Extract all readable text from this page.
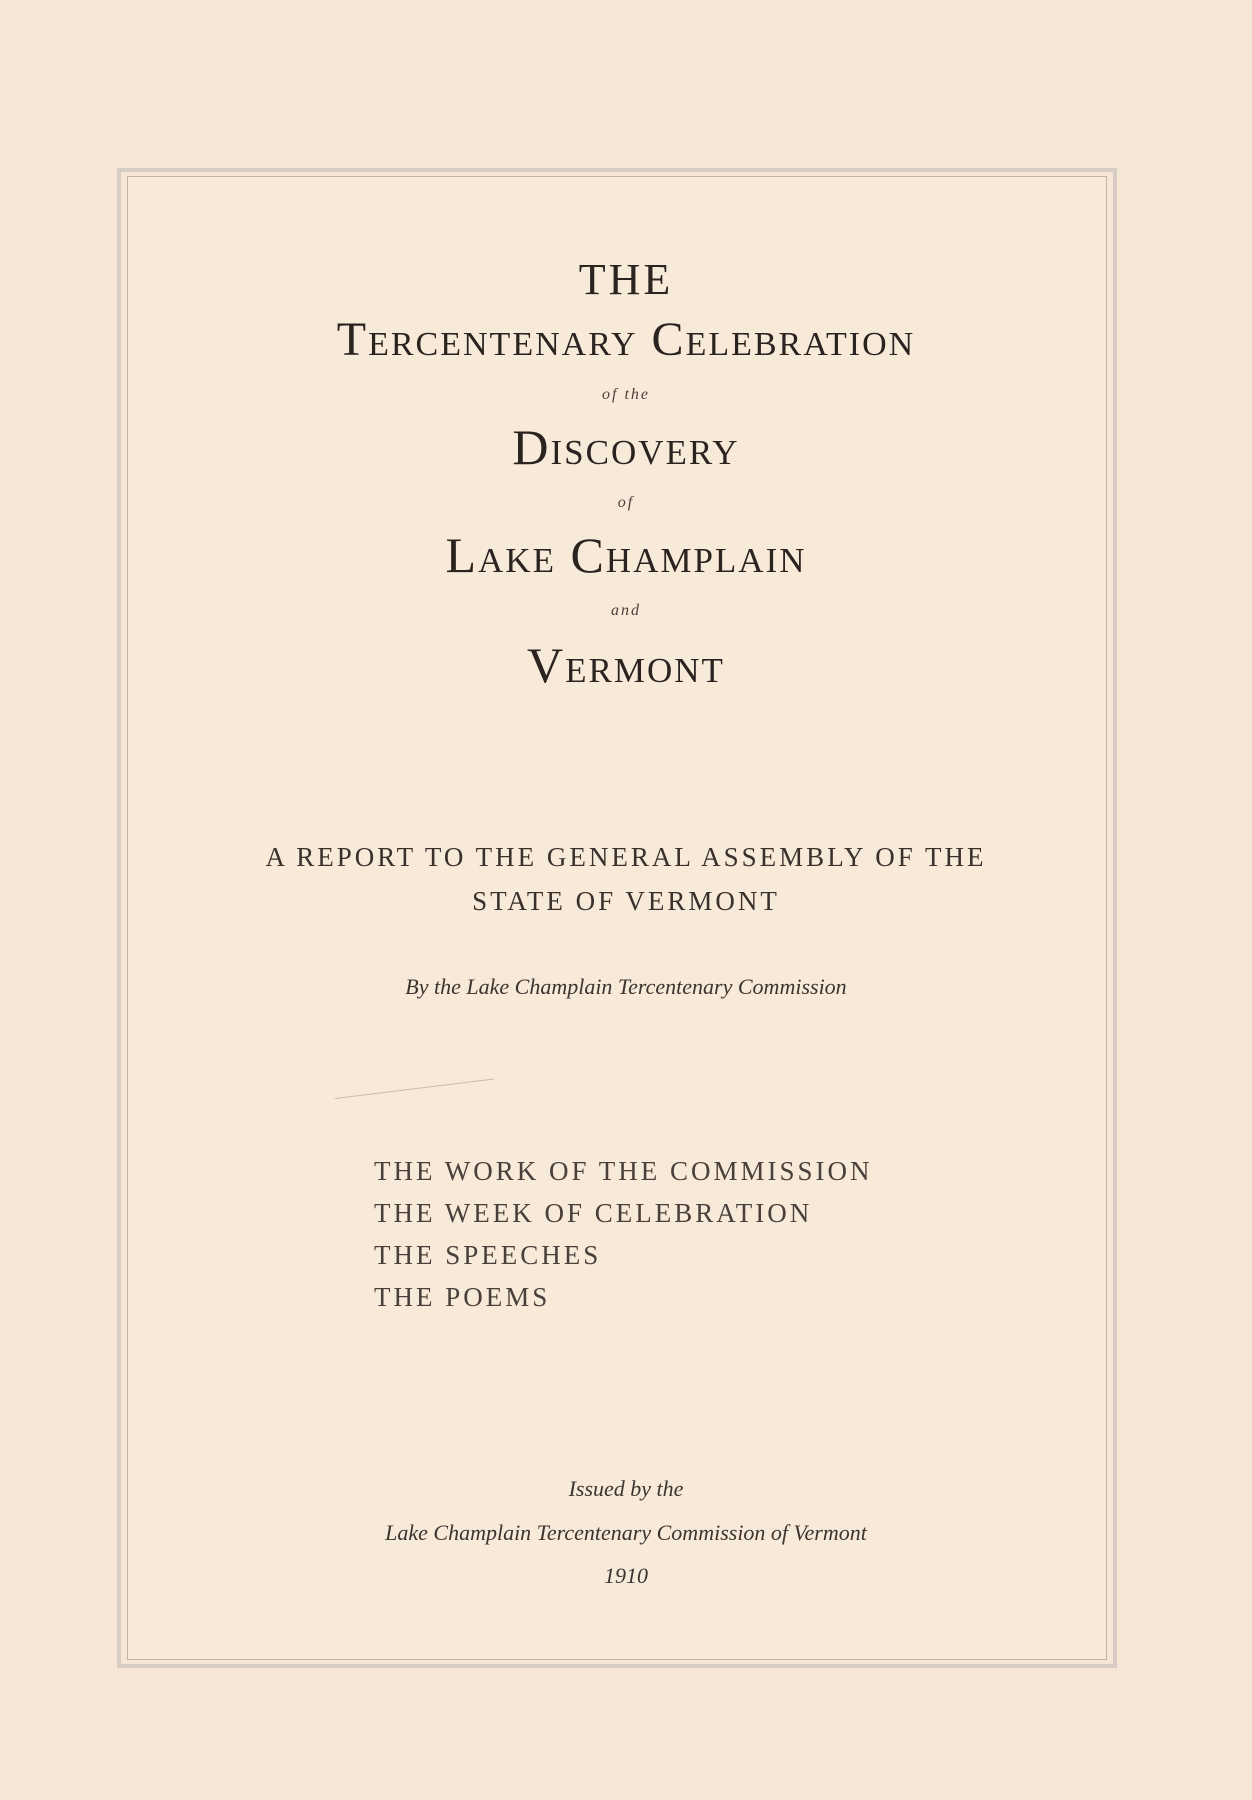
THE

Tercentenary Celebration

of the

Discovery

of

Lake Champlain

and

Vermont

A REPORT TO THE GENERAL ASSEMBLY OF THE

STATE OF VERMONT

By the Lake Champlain Tercentenary Commission

THE WORK OF THE COMMISSION
THE WEEK OF CELEBRATION
THE SPEECHES
THE POEMS

Issued by the

Lake Champlain Tercentenary Commission of Vermont

1910
